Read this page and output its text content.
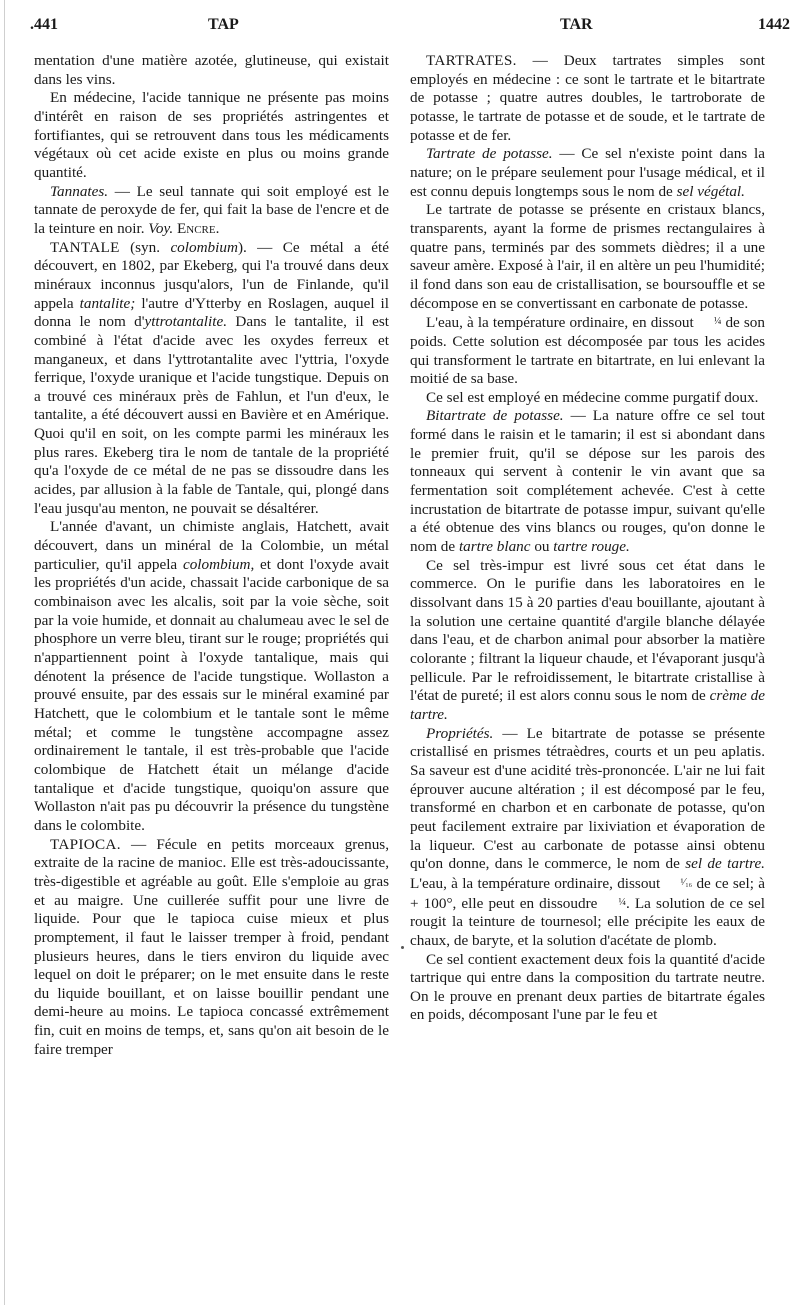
.441	TAP	TAR	1442

mentation d'une matière azotée, glutineuse, qui existait dans les vins.

En médecine, l'acide tannique ne présente pas moins d'intérêt en raison de ses propriétés astringentes et fortifiantes, qui se retrouvent dans tous les médicaments végétaux où cet acide existe en plus ou moins grande quantité.

Tannates. — Le seul tannate qui soit employé est le tannate de peroxyde de fer, qui fait la base de l'encre et de la teinture en noir. Voy. Encre.

TANTALE (syn. colombium). — Ce métal a été découvert, en 1802, par Ekeberg, qui l'a trouvé dans deux minéraux inconnus jusqu'alors, l'un de Finlande, qu'il appela tantalite; l'autre d'Ytterby en Roslagen, auquel il donna le nom d'yttrotantalite. Dans le tantalite, il est combiné à l'état d'acide avec les oxydes ferreux et manganeux, et dans l'yttrotantalite avec l'yttria, l'oxyde ferrique, l'oxyde uranique et l'acide tungstique. Depuis on a trouvé ces minéraux près de Fahlun, et l'un d'eux, le tantalite, a été découvert aussi en Bavière et en Amérique. Quoi qu'il en soit, on les compte parmi les minéraux les plus rares. Ekeberg tira le nom de tantale de la propriété qu'a l'oxyde de ce métal de ne pas se dissoudre dans les acides, par allusion à la fable de Tantale, qui, plongé dans l'eau jusqu'au menton, ne pouvait se désaltérer.

L'année d'avant, un chimiste anglais, Hatchett, avait découvert, dans un minéral de la Colombie, un métal particulier, qu'il appela colombium, et dont l'oxyde avait les propriétés d'un acide, chassait l'acide carbonique de sa combinaison avec les alcalis, soit par la voie sèche, soit par la voie humide, et donnait au chalumeau avec le sel de phosphore un verre bleu, tirant sur le rouge; propriétés qui n'appartiennent point à l'oxyde tantalique, mais qui dénotent la présence de l'acide tungstique. Wollaston a prouvé ensuite, par des essais sur le minéral examiné par Hatchett, que le colombium et le tantale sont le même métal; et comme le tungstène accompagne assez ordinairement le tantale, il est très-probable que l'acide colombique de Hatchett était un mélange d'acide tantalique et d'acide tungstique, quoiqu'on assure que Wollaston n'ait pas pu découvrir la présence du tungstène dans le colombite.

TAPIOCA. — Fécule en petits morceaux grenus, extraite de la racine de manioc. Elle est très-adoucissante, très-digestible et agréable au goût. Elle s'emploie au gras et au maigre. Une cuillerée suffit pour une livre de liquide. Pour que le tapioca cuise mieux et plus promptement, il faut le laisser tremper à froid, pendant plusieurs heures, dans le tiers environ du liquide avec lequel on doit le préparer; on le met ensuite dans le reste du liquide bouillant, et on laisse bouillir pendant une demi-heure au moins. Le tapioca concassé extrêmement fin, cuit en moins de temps, et, sans qu'on ait besoin de le faire tremper

TARTRATES. — Deux tartrates simples sont employés en médecine : ce sont le tartrate et le bitartrate de potasse ; quatre autres doubles, le tartroborate de potasse, le tartrate de potasse et de soude, et le tartrate de potasse et de fer.

Tartrate de potasse. — Ce sel n'existe point dans la nature; on le prépare seulement pour l'usage médical, et il est connu depuis longtemps sous le nom de sel végétal.

Le tartrate de potasse se présente en cristaux blancs, transparents, ayant la forme de prismes rectangulaires à quatre pans, terminés par des sommets dièdres; il a une saveur amère. Exposé à l'air, il en altère un peu l'humidité; il fond dans son eau de cristallisation, se boursouffle et se décompose en se convertissant en carbonate de potasse.

L'eau, à la température ordinaire, en dissout ¼ de son poids. Cette solution est décomposée par tous les acides qui transforment le tartrate en bitartrate, en lui enlevant la moitié de sa base.

Ce sel est employé en médecine comme purgatif doux.

Bitartrate de potasse. — La nature offre ce sel tout formé dans le raisin et le tamarin; il est si abondant dans le premier fruit, qu'il se dépose sur les parois des tonneaux qui servent à contenir le vin avant que sa fermentation soit complétement achevée. C'est à cette incrustation de bitartrate de potasse impur, suivant qu'elle a été obtenue des vins blancs ou rouges, qu'on donne le nom de tartre blanc ou tartre rouge.

Ce sel très-impur est livré sous cet état dans le commerce. On le purifie dans les laboratoires en le dissolvant dans 15 à 20 parties d'eau bouillante, ajoutant à la solution une certaine quantité d'argile blanche délayée dans l'eau, et de charbon animal pour absorber la matière colorante ; filtrant la liqueur chaude, et l'évaporant jusqu'à pellicule. Par le refroidissement, le bitartrate cristallise à l'état de pureté; il est alors connu sous le nom de crème de tartre.

Propriétés. — Le bitartrate de potasse se présente cristallisé en prismes tétraèdres, courts et un peu aplatis. Sa saveur est d'une acidité très-prononcée. L'air ne lui fait éprouver aucune altération ; il est décomposé par le feu, transformé en charbon et en carbonate de potasse, qu'on peut facilement extraire par lixiviation et évaporation de la liqueur. C'est au carbonate de potasse ainsi obtenu qu'on donne, dans le commerce, le nom de sel de tartre. L'eau, à la température ordinaire, dissout ¹⁄₁₆ de ce sel; à + 100°, elle peut en dissoudre ¼. La solution de ce sel rougit la teinture de tournesol; elle précipite les eaux de chaux, de baryte, et la solution d'acétate de plomb.

Ce sel contient exactement deux fois la quantité d'acide tartrique qui entre dans la composition du tartrate neutre. On le prouve en prenant deux parties de bitartrate égales en poids, décomposant l'une par le feu et
